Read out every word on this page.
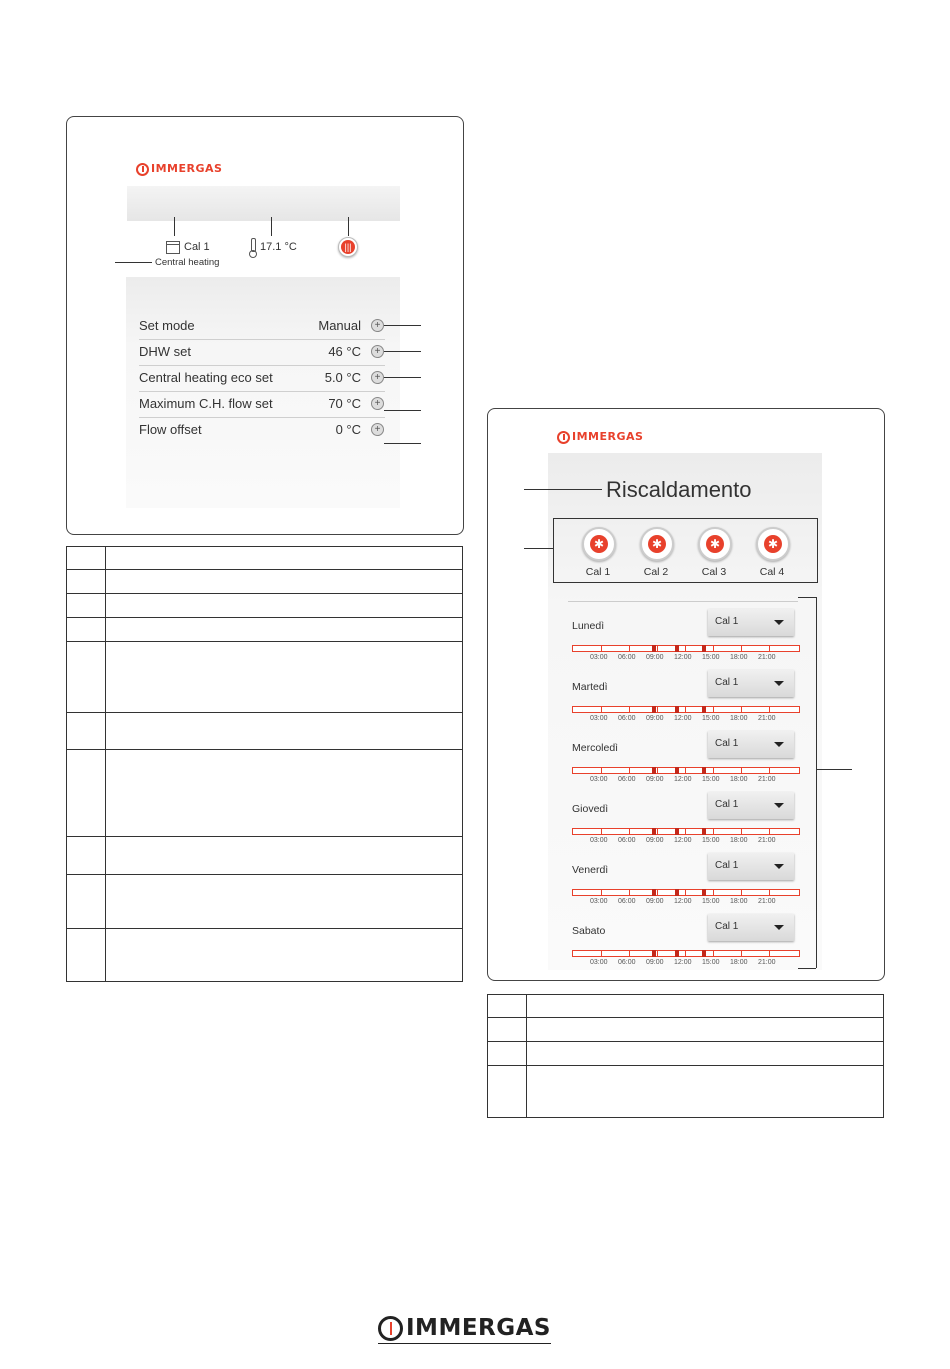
IMMERGAS
Cal 1
Central heating
17.1 °C	|||
Set mode	Manual
DHW set	46 °C
Central heating eco set	5.0 °C
Maximum C.H. flow set	70 °C
Flow offset	0 °C
+
+
+
+
+

IMMERGAS
Riscaldamento
✱	✱	✱	✱
Cal 1	Cal 2	Cal 3	Cal 4
Lunedì	Cal 1
03:00 06:00 09:00 12:00 15:00 18:00 21:00
Martedì	Cal 1
03:00 06:00 09:00 12:00 15:00 18:00 21:00
Mercoledì	Cal 1
03:00 06:00 09:00 12:00 15:00 18:00 21:00
Giovedì	Cal 1
03:00 06:00 09:00 12:00 15:00 18:00 21:00
Venerdì	Cal 1
03:00 06:00 09:00 12:00 15:00 18:00 21:00
Sabato	Cal 1
03:00 06:00 09:00 12:00 15:00 18:00 21:00

IMMERGAS
